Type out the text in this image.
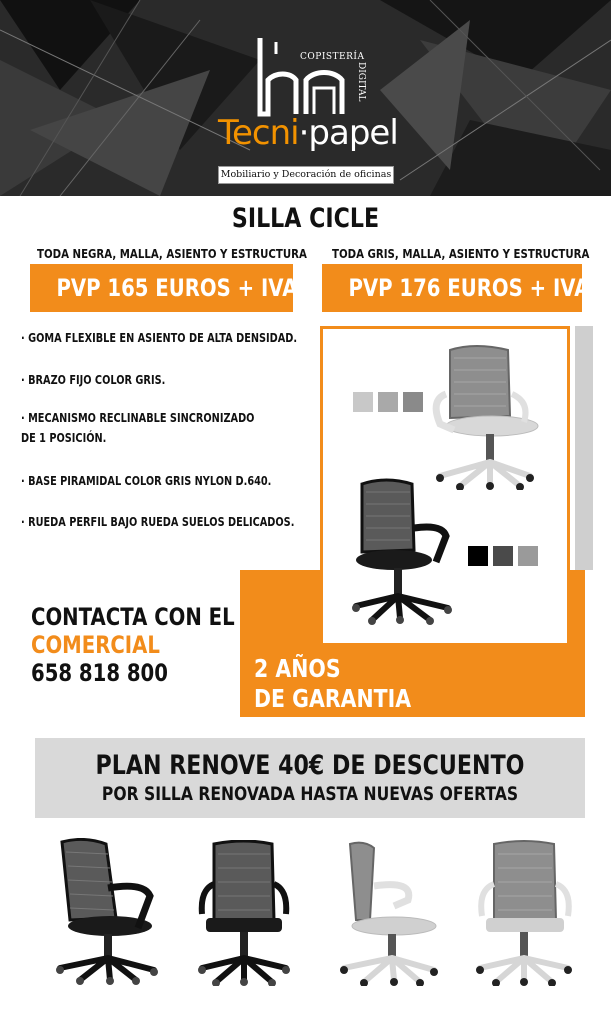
COPISTERÍA
DIGITAL
Tecni·papel
Mobiliario y Decoración de oficinas
SILLA CICLE
TODA NEGRA, MALLA, ASIENTO Y ESTRUCTURA TODA GRIS, MALLA, ASIENTO Y ESTRUCTURA
PVP 165 EUROS + IVA	PVP 176 EUROS + IVA
· GOMA FLEXIBLE EN ASIENTO DE ALTA DENSIDAD.
· BRAZO FIJO COLOR GRIS.
· MECANISMO RECLINABLE SINCRONIZADO
DE 1 POSICIÓN.
· BASE PIRAMIDAL COLOR GRIS NYLON D.640.
· RUEDA PERFIL BAJO RUEDA SUELOS DELICADOS.
2 AÑOS
DE GARANTIA
CONTACTA CON EL
COMERCIAL
658 818 800
PLAN RENOVE 40€ DE DESCUENTO
POR SILLA RENOVADA HASTA NUEVAS OFERTAS
